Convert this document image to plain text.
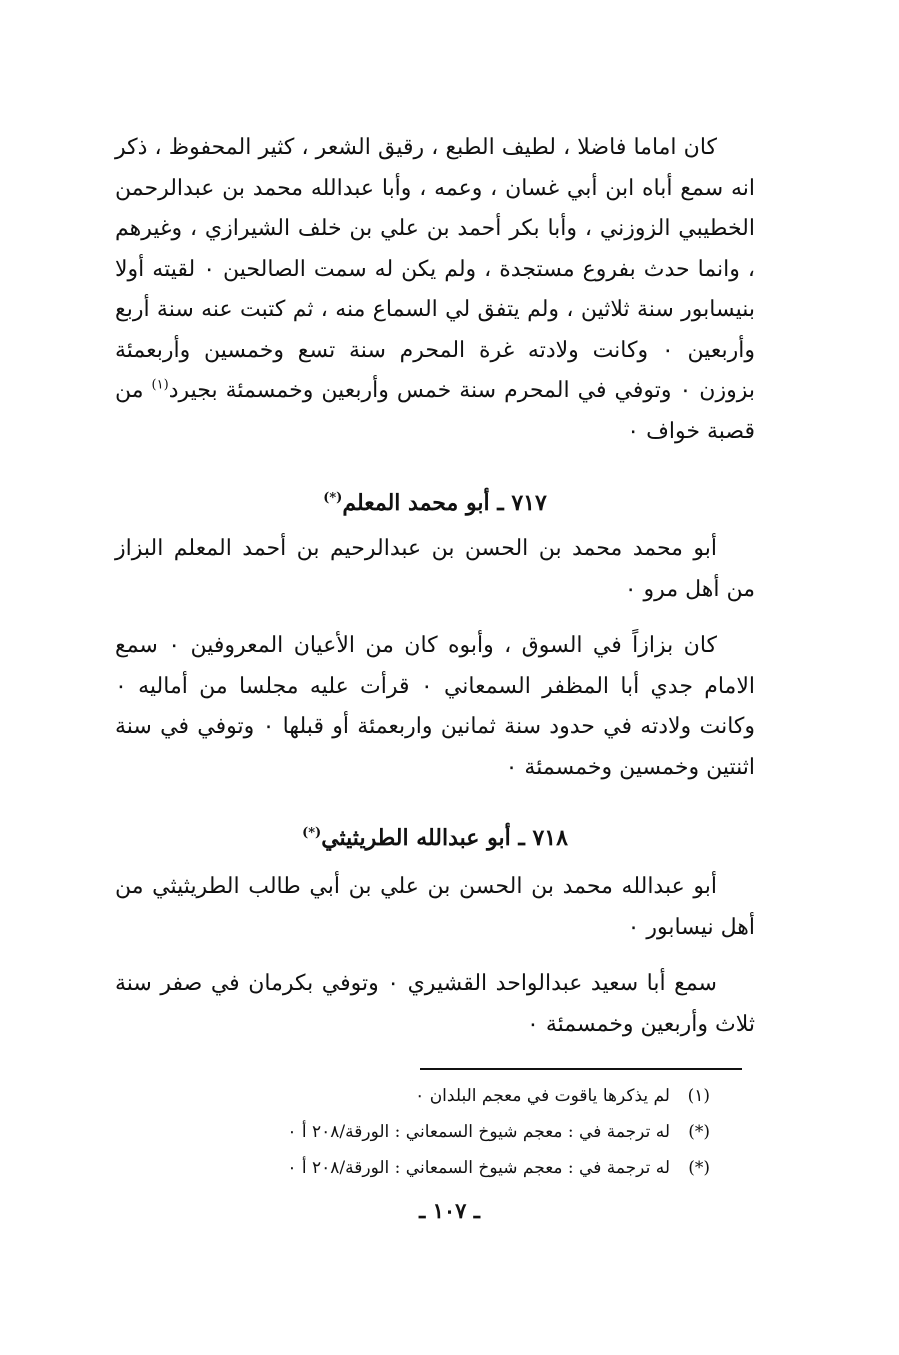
كان اماما فاضلا ، لطيف الطبع ، رقيق الشعر ، كثير المحفوظ ، ذكر انه سمع أباه ابن أبي غسان ، وعمه ، وأبا عبدالله محمد بن عبدالرحمن الخطيبي الزوزني ، وأبا بكر أحمد بن علي بن خلف الشيرازي ، وغيرهم ، وانما حدث بفروع مستجدة ، ولم يكن له سمت الصالحين ۰ لقيته أولا بنيسابور سنة ثلاثين ، ولم يتفق لي السماع منه ، ثم كتبت عنه سنة أربع وأربعين ۰ وكانت ولادته غرة المحرم سنة تسع وخمسين وأربعمئة بزوزن ۰ وتوفي في المحرم سنة خمس وأربعين وخمسمئة بجيرد$^{(١)}$ من قصبة خواف ۰

٧١٧ ـ أبو محمد المعلم(*)

أبو محمد محمد بن الحسن بن عبدالرحيم بن أحمد المعلم البزاز من أهل مرو ۰

كان بزازاً في السوق ، وأبوه كان من الأعيان المعروفين ۰ سمع الامام جدي أبا المظفر السمعاني ۰ قرأت عليه مجلسا من أماليه ۰ وكانت ولادته في حدود سنة ثمانين واربعمئة أو قبلها ۰ وتوفي في سنة اثنتين وخمسين وخمسمئة ۰

٧١٨ ـ أبو عبدالله الطريثيثي(*)

أبو عبدالله محمد بن الحسن بن علي بن أبي طالب الطريثيثي من أهل نيسابور ۰

سمع أبا سعيد عبدالواحد القشيري ۰ وتوفي بكرمان في صفر سنة ثلاث وأربعين وخمسمئة ۰

(١)لم يذكرها ياقوت في معجم البلدان ۰
(*)له ترجمة في : معجم شيوخ السمعاني : الورقة/٢٠٨ أ ۰
(*)له ترجمة في : معجم شيوخ السمعاني : الورقة/٢٠٨ أ ۰
ـ ١٠٧ ـ
